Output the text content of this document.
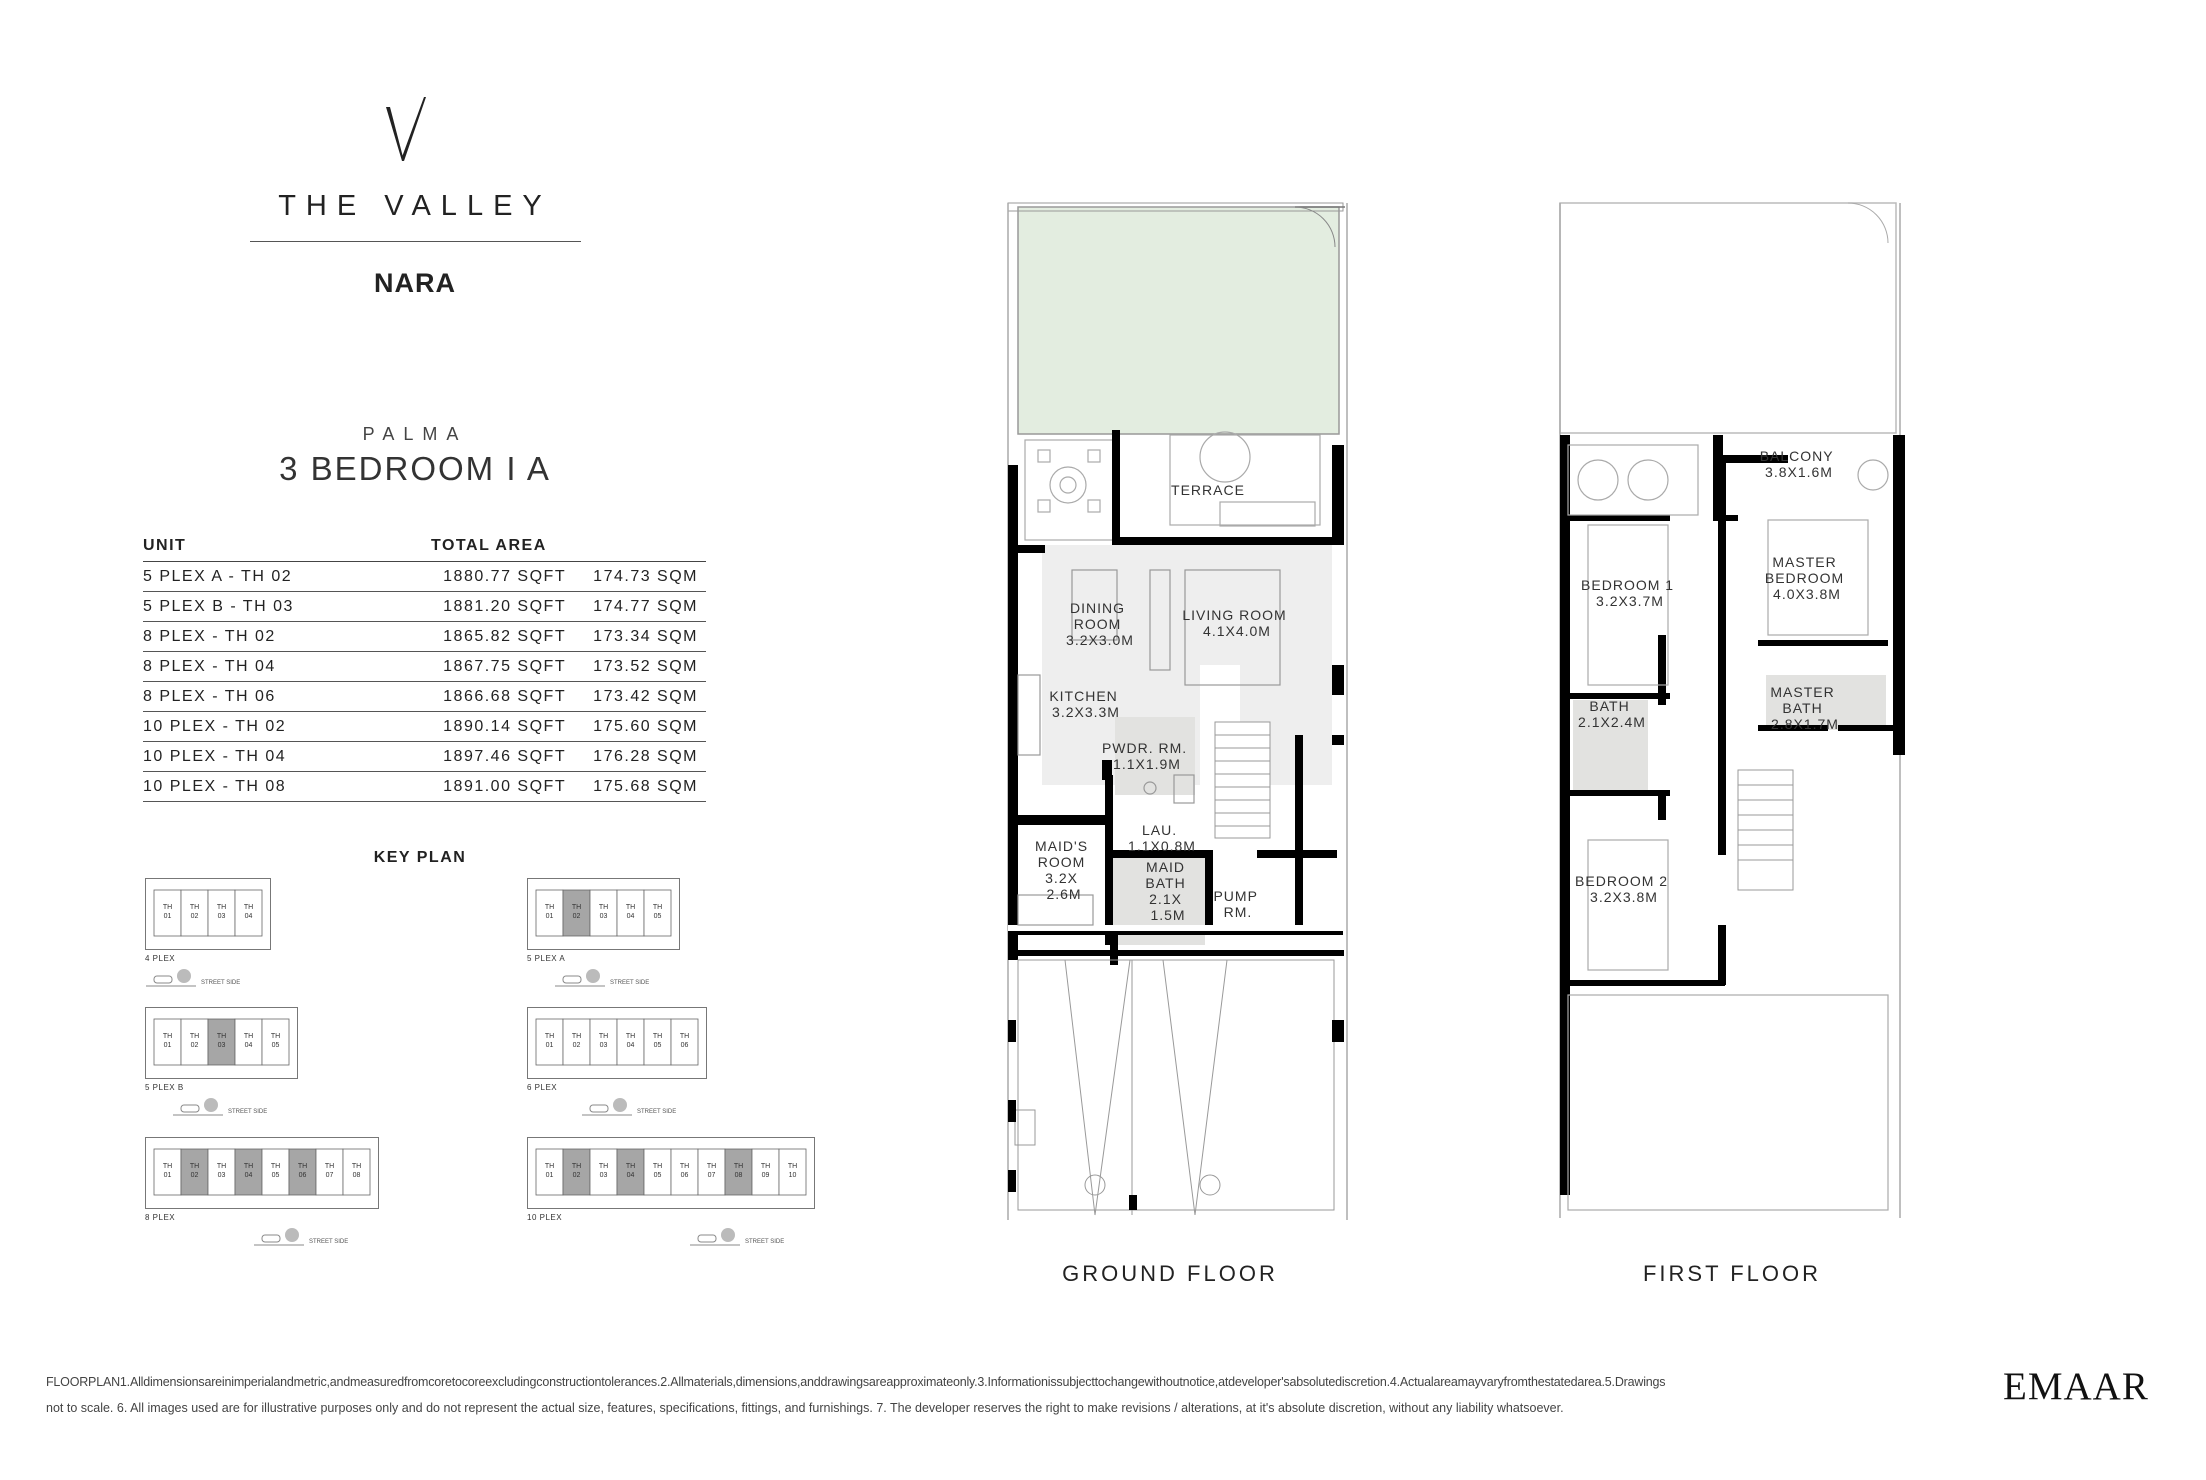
THE VALLEY
NARA
PALMA
3 BEDROOM I A
UNIT	TOTAL AREA	
5 PLEX A - TH 02	1880.77 SQFT	174.73 SQM
5 PLEX B - TH 03	1881.20 SQFT	174.77 SQM
8 PLEX - TH 02	1865.82 SQFT	173.34 SQM
8 PLEX - TH 04	1867.75 SQFT	173.52 SQM
8 PLEX - TH 06	1866.68 SQFT	173.42 SQM
10 PLEX - TH 02	1890.14 SQFT	175.60 SQM
10 PLEX - TH 04	1897.46 SQFT	176.28 SQM
10 PLEX - TH 08	1891.00 SQFT	175.68 SQM
KEY PLAN
TH
01
TH
02
TH
03
TH
04
4 PLEX
STREET SIDE
TH
01
TH
02
TH
03
TH
04
TH
05
5 PLEX A
STREET SIDE
TH
01
TH
02
TH
03
TH
04
TH
05
5 PLEX B
STREET SIDE
TH
01
TH
02
TH
03
TH
04
TH
05
TH
06
6 PLEX
STREET SIDE
TH
01
TH
02
TH
03
TH
04
TH
05
TH
06
TH
07
TH
08
8 PLEX
STREET SIDE
TH
01
TH
02
TH
03
TH
04
TH
05
TH
06
TH
07
TH
08
TH
09
TH
10
10 PLEX
STREET SIDE
TERRACE
DINING ROOM 3.2X3.0M
LIVING ROOM 4.1X4.0M
KITCHEN 3.2X3.3M
PWDR. RM. 1.1X1.9M
LAU. 1.1X0.8M
MAID'S ROOM 3.2X 2.6M
MAID BATH 2.1X 1.5M
PUMP RM.
BALCONY 3.8X1.6M
BEDROOM 1 3.2X3.7M
MASTER BEDROOM 4.0X3.8M
BATH 2.1X2.4M
MASTER BATH 2.8X1.7M
BEDROOM 2 3.2X3.8M
GROUND FLOOR	FIRST FLOOR
FLOORPLAN1.Alldimensionsareinimperialandmetric,andmeasuredfromcoretocoreexcludingconstructiontolerances.2.Allmaterials,dimensions,anddrawingsareapproximateonly.3.Informationissubjecttochangewithoutnotice,atdeveloper'sabsolutediscretion.4.Actualareamayvaryfromthestatedarea.5.Drawings
not to scale. 6. All images used are for illustrative purposes only and do not represent the actual size, features, specifications, fittings, and furnishings. 7. The developer reserves the right to make revisions / alterations, at it's absolute discretion, without any liability whatsoever.	EMAAR
